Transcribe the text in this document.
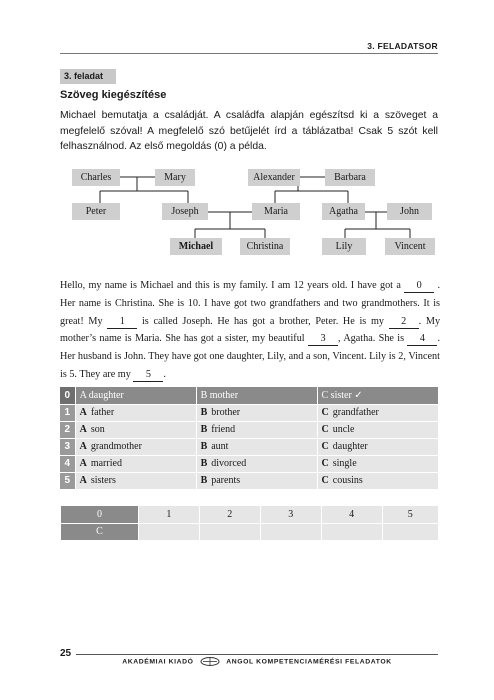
3. FELADATSOR
3. feladat
Szöveg kiegészítése
Michael bemutatja a családját. A családfa alapján egészítsd ki a szöveget a megfelelő szóval! A megfelelő szó betűjelét írd a táblázatba! Csak 5 szót kell felhasználnod. Az első megoldás (0) a példa.
Charles	Mary	Alexander	Barbara
Peter	Joseph	Maria	Agatha	John
Michael	Christina	Lily	Vincent
Hello, my name is Michael and this is my family. I am 12 years old. I have got a 0 . Her name is Christina. She is 10. I have got two grandfathers and two grandmothers. It is great! My 1 is called Joseph. He has got a brother, Peter. He is my 2 . My mother’s name is Maria. She has got a sister, my beautiful 3 , Agatha. She is 4 . Her husband is John. They have got one daughter, Lily, and a son, Vincent. Lily is 2, Vincent is 5. They are my 5 .
0	A daughter	B mother	C sister ✓
1	A father	B brother	C grandfather
2	A son	B friend	C uncle
3	A grandmother	B aunt	C daughter
4	A married	B divorced	C single
5	A sisters	B parents	C cousins
0	1	2	3	4	5
C					
25
AKADÉMIAI KIADÓ	ANGOL KOMPETENCIAMÉRÉSI FELADATOK
